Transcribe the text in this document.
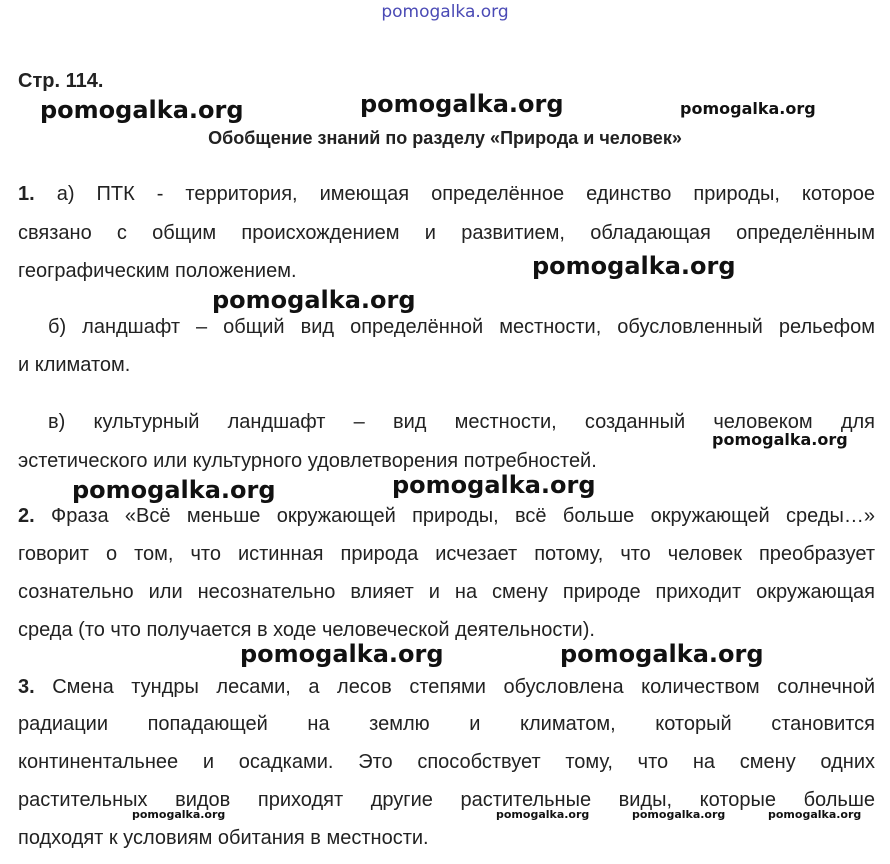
pomogalka.org
Стр. 114.
pomogalka.org	pomogalka.org	pomogalka.org
Обобщение знаний по разделу «Природа и человек»
1. а) ПТК - территория, имеющая определённое единство природы, которое
связано с общим происхождением и развитием, обладающая определённым
географическим положением.	pomogalka.org
pomogalka.org
б) ландшафт – общий вид определённой местности, обусловленный рельефом
и климатом.
в) культурный ландшафт – вид местности, созданный человеком для
pomogalka.org
эстетического или культурного удовлетворения потребностей.
pomogalka.org	pomogalka.org
2. Фраза «Всё меньше окружающей природы, всё больше окружающей среды…»
говорит о том, что истинная природа исчезает потому, что человек преобразует
сознательно или несознательно влияет и на смену природе приходит окружающая
среда (то что получается в ходе человеческой деятельности).
pomogalka.org	pomogalka.org
3. Смена тундры лесами, а лесов степями обусловлена количеством солнечной
радиации попадающей на землю и климатом, который становится
континентальнее и осадками. Это способствует тому, что на смену одних
растительных видов приходят другие растительные виды, которые больше
pomogalka.org	pomogalka.org	pomogalka.org	pomogalka.org
подходят к условиям обитания в местности.
